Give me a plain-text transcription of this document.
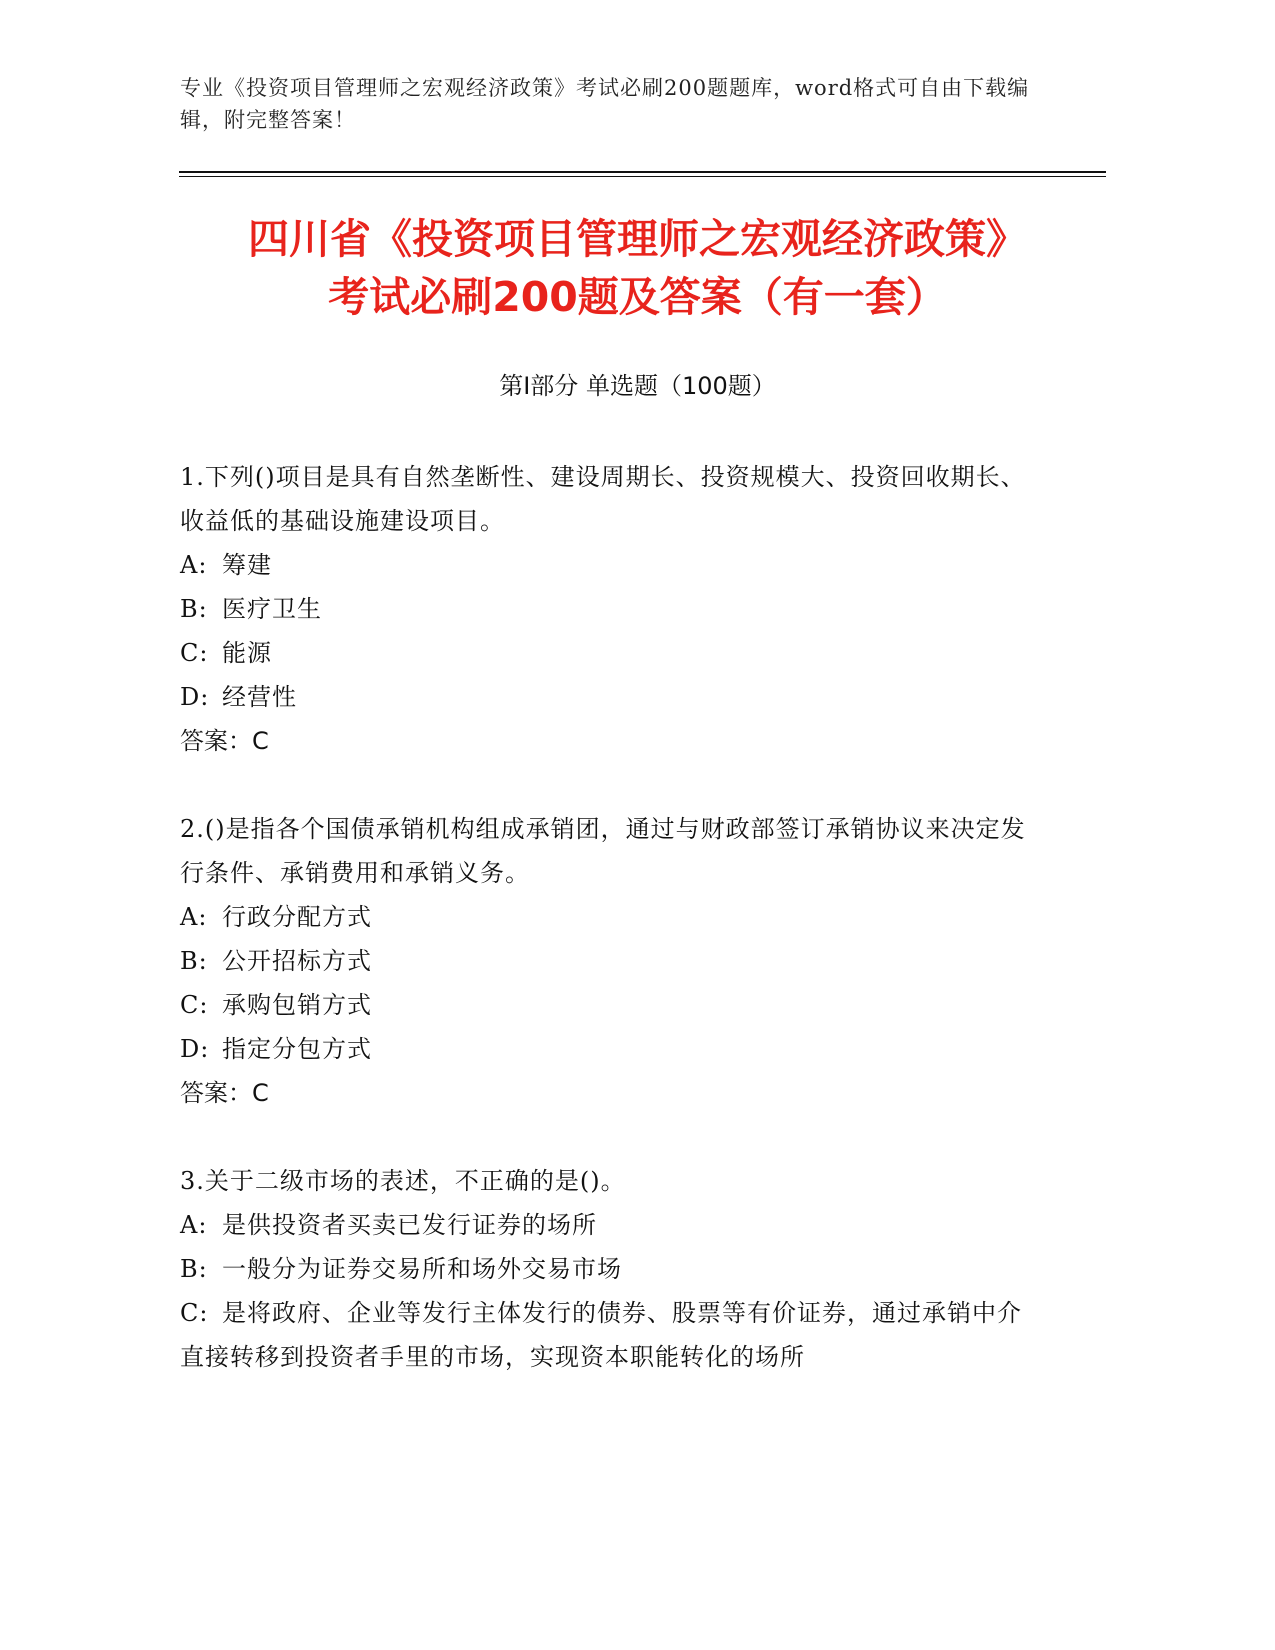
专业《投资项目管理师之宏观经济政策》考试必刷200题题库，word格式可自由下载编辑，附完整答案！
四川省《投资项目管理师之宏观经济政策》
考试必刷200题及答案（有一套）
第I部分 单选题（100题）

1.下列()项目是具有自然垄断性、建设周期长、投资规模大、投资回收期长、收益低的基础设施建设项目。

A: 筹建

B: 医疗卫生

C: 能源

D: 经营性

答案：C

2.()是指各个国债承销机构组成承销团，通过与财政部签订承销协议来决定发行条件、承销费用和承销义务。

A: 行政分配方式

B: 公开招标方式

C: 承购包销方式

D: 指定分包方式

答案：C

3.关于二级市场的表述，不正确的是()。

A: 是供投资者买卖已发行证券的场所

B: 一般分为证券交易所和场外交易市场

C: 是将政府、企业等发行主体发行的债券、股票等有价证券，通过承销中介直接转移到投资者手里的市场，实现资本职能转化的场所
